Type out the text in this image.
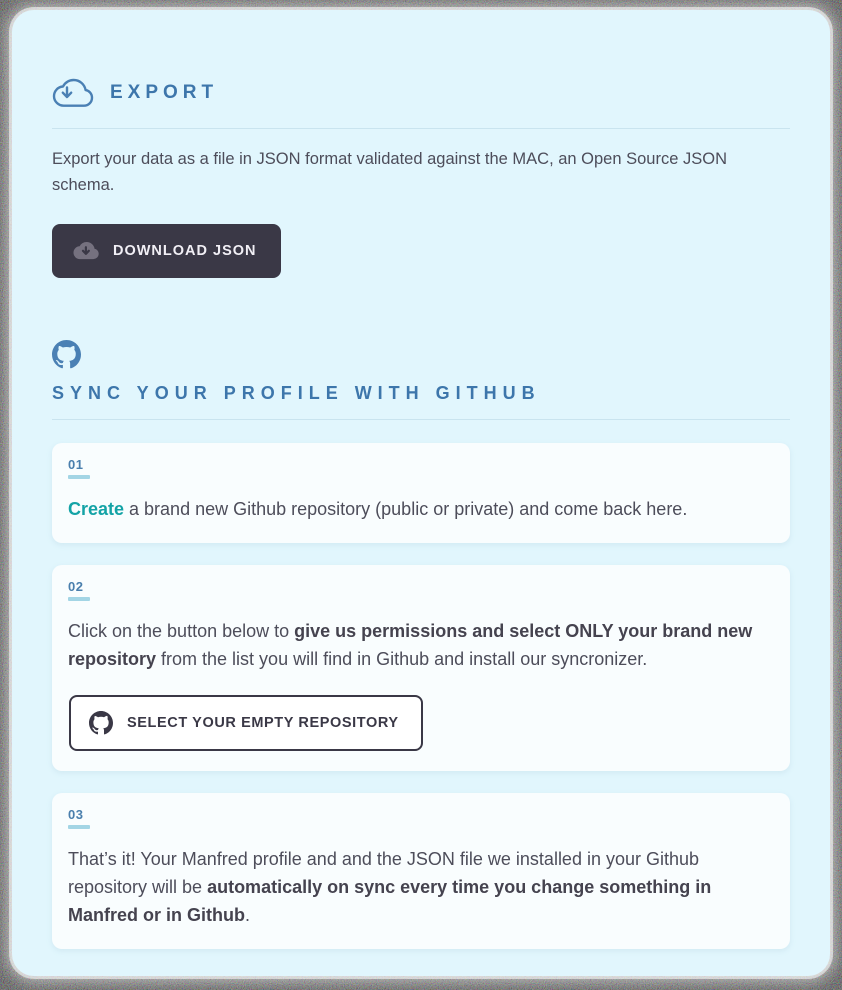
EXPORT

Export your data as a file in JSON format validated against the MAC, an Open Source JSON schema.

DOWNLOAD JSON
SYNC YOUR PROFILE WITH GITHUB
01

Create a brand new Github repository (public or private) and come back here.

02

Click on the button below to give us permissions and select ONLY your brand new repository from the list you will find in Github and install our syncronizer.

SELECT YOUR EMPTY REPOSITORY
03

That’s it! Your Manfred profile and and the JSON file we installed in your Github repository will be automatically on sync every time you change something in Manfred or in Github.
